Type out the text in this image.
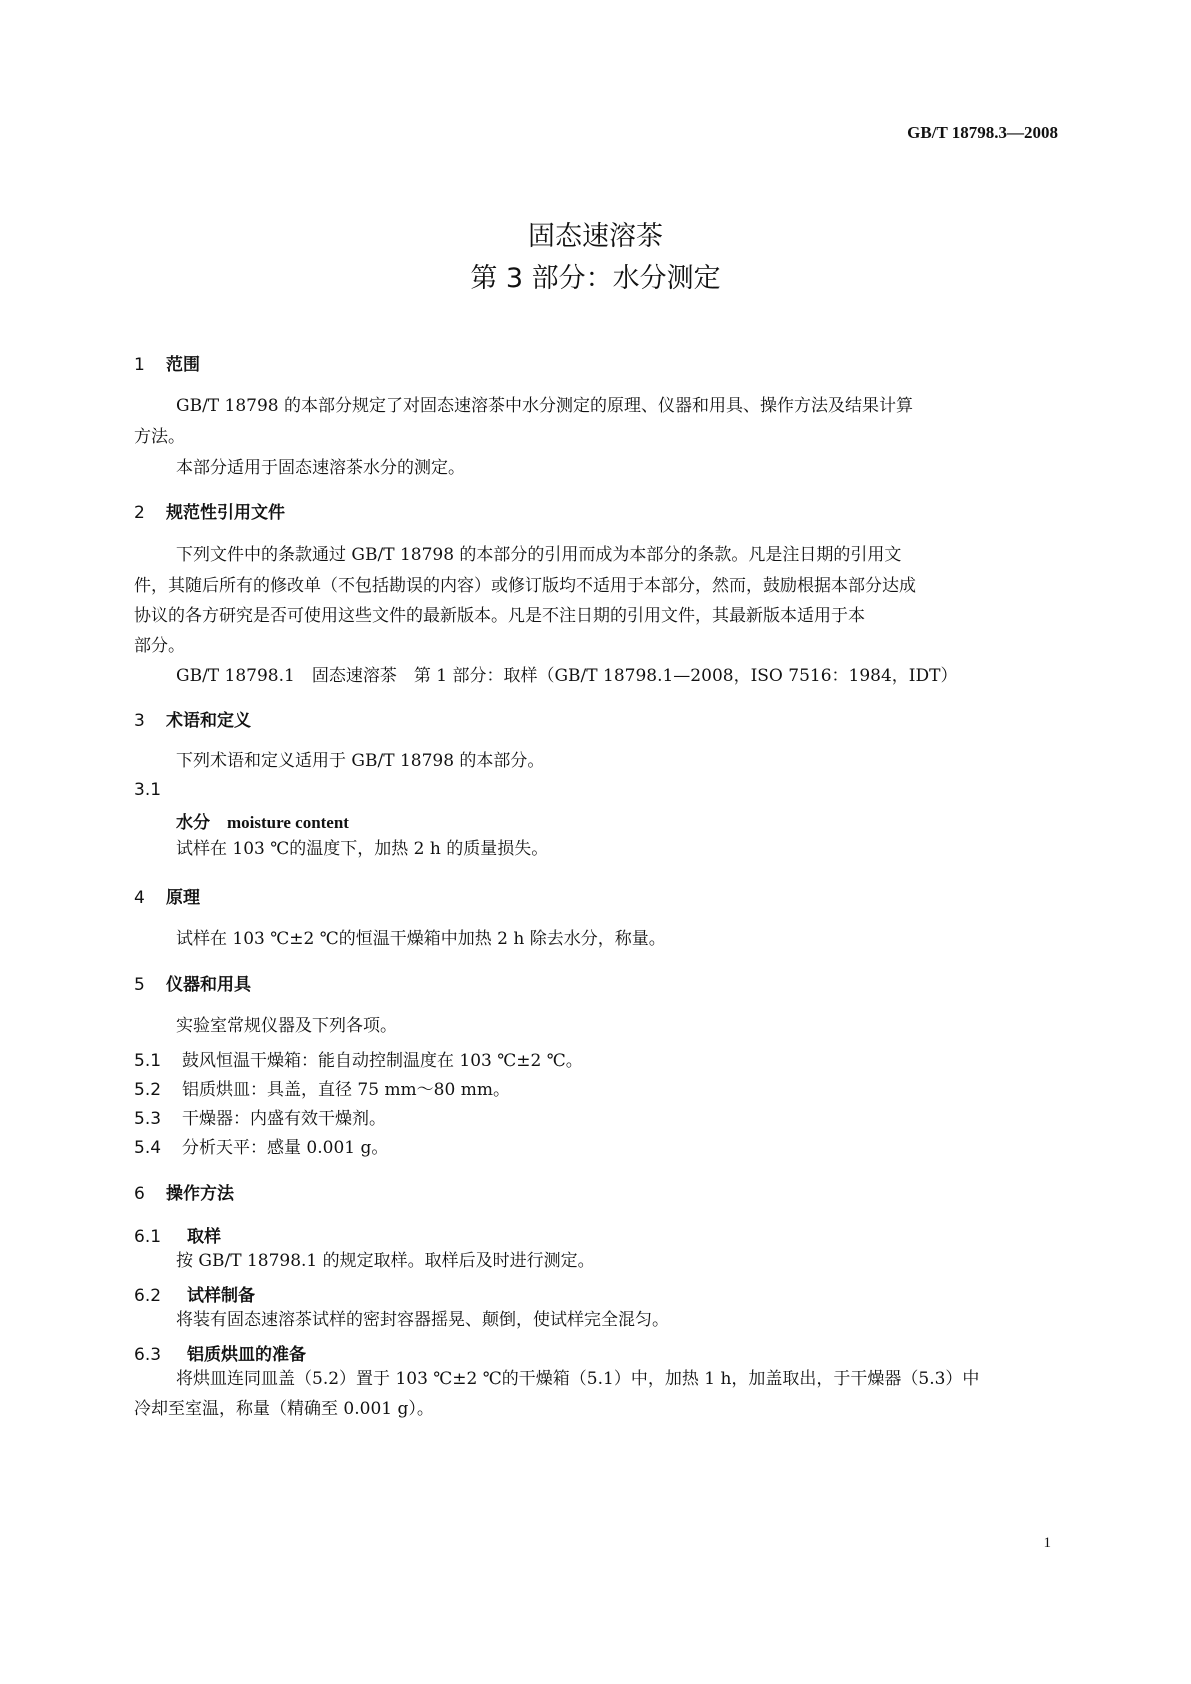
GB/T 18798.3—2008
固态速溶茶
第 3 部分：水分测定
1 范围
GB/T 18798 的本部分规定了对固态速溶茶中水分测定的原理、仪器和用具、操作方法及结果计算
方法。
本部分适用于固态速溶茶水分的测定。
2 规范性引用文件
下列文件中的条款通过 GB/T 18798 的本部分的引用而成为本部分的条款。凡是注日期的引用文
件，其随后所有的修改单（不包括勘误的内容）或修订版均不适用于本部分，然而，鼓励根据本部分达成
协议的各方研究是否可使用这些文件的最新版本。凡是不注日期的引用文件，其最新版本适用于本
部分。
GB/T 18798.1　固态速溶茶　第 1 部分：取样（GB/T 18798.1—2008，ISO 7516：1984，IDT）
3 术语和定义
下列术语和定义适用于 GB/T 18798 的本部分。
3.1
水分　moisture content
试样在 103 ℃的温度下，加热 2 h 的质量损失。
4 原理
试样在 103 ℃±2 ℃的恒温干燥箱中加热 2 h 除去水分，称量。
5 仪器和用具
实验室常规仪器及下列各项。
5.1 鼓风恒温干燥箱：能自动控制温度在 103 ℃±2 ℃。
5.2 铝质烘皿：具盖，直径 75 mm～80 mm。
5.3 干燥器：内盛有效干燥剂。
5.4 分析天平：感量 0.001 g。
6 操作方法
6.1 取样
按 GB/T 18798.1 的规定取样。取样后及时进行测定。
6.2 试样制备
将装有固态速溶茶试样的密封容器摇晃、颠倒，使试样完全混匀。
6.3 铝质烘皿的准备
将烘皿连同皿盖（5.2）置于 103 ℃±2 ℃的干燥箱（5.1）中，加热 1 h，加盖取出，于干燥器（5.3）中
冷却至室温，称量（精确至 0.001 g）。
1
